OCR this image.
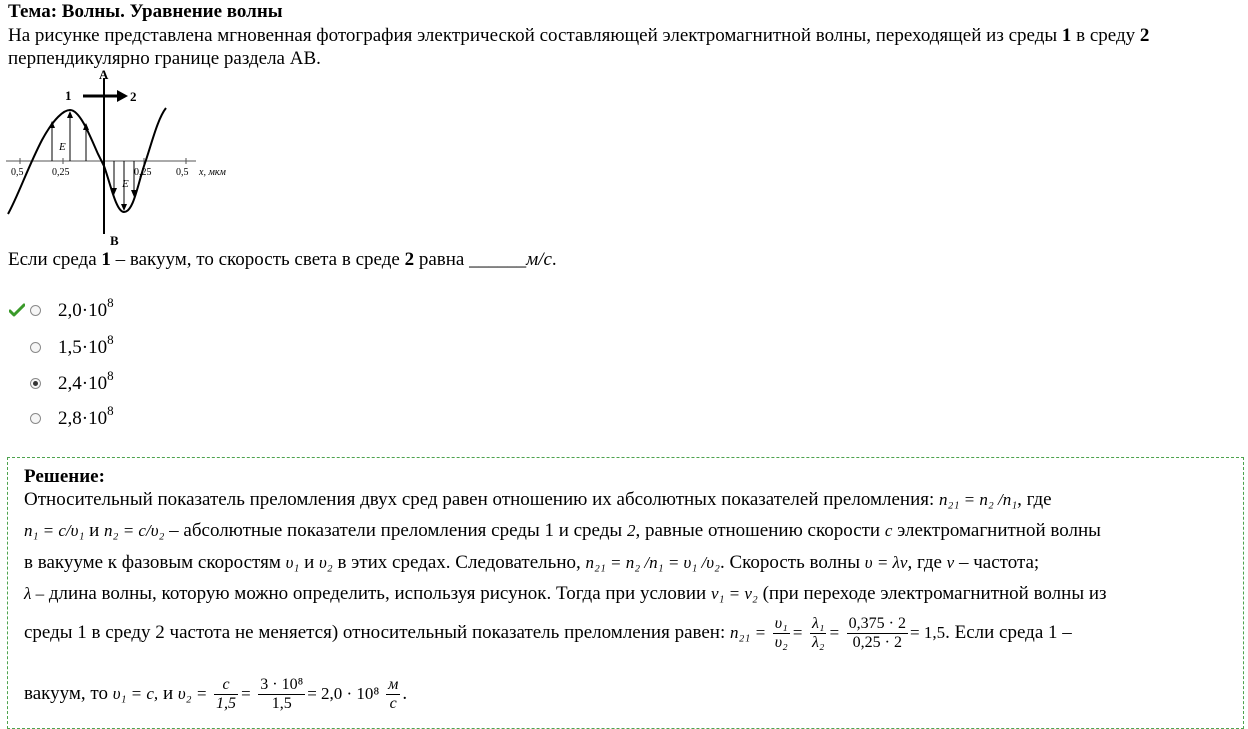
Тема: Волны. Уравнение волны
На рисунке представлена мгновенная фотография электрической составляющей электромагнитной волны, переходящей из среды 1 в среду 2 перпендикулярно границе раздела АВ.
A
B
1	2
0,5	0,25	0,25 0,5 x, мкм
E
E
Если среда 1 – вакуум, то скорость света в среде 2 равна ______м/с.
$2,0\cdot 10^8$
$1,5\cdot 10^8$
$2,4\cdot 10^8$
$2,8\cdot 10^8$
Решение:
Относительный показатель преломления двух сред равен отношению их абсолютных показателей преломления: n₂₁ = n₂ /n₁, где
n₁ = c/υ₁ и n₂ = c/υ₂ – абсолютные показатели преломления среды 1 и среды 2, равные отношению скорости c электромагнитной волны
в вакууме к фазовым скоростям υ₁ и υ₂ в этих средах. Следовательно, n₂₁ = n₂ /n₁ = υ₁ /υ₂. Скорость волны υ = λν, где ν – частота;
λ – длина волны, которую можно определить, используя рисунок. Тогда при условии ν₁ = ν₂ (при переходе электромагнитной волны из
среды 1 в среду 2 частота не меняется) относительный показатель преломления равен: $n_{21} = \frac{\text{υ₁}}{\text{υ₂}} = \frac{\text{λ₁}}{\text{λ₂}} = \frac{0,375 \cdot 2}{0,25 \cdot 2} = 1,5$. Если среда 1 –
вакуум, то υ₁ = c, и $\upsilon_2 = \frac{c}{1,5} = \frac{\text{3 · 10⁸}}{1,5} = 2,0 \cdot 10^8 \frac{м}{с}$ .
